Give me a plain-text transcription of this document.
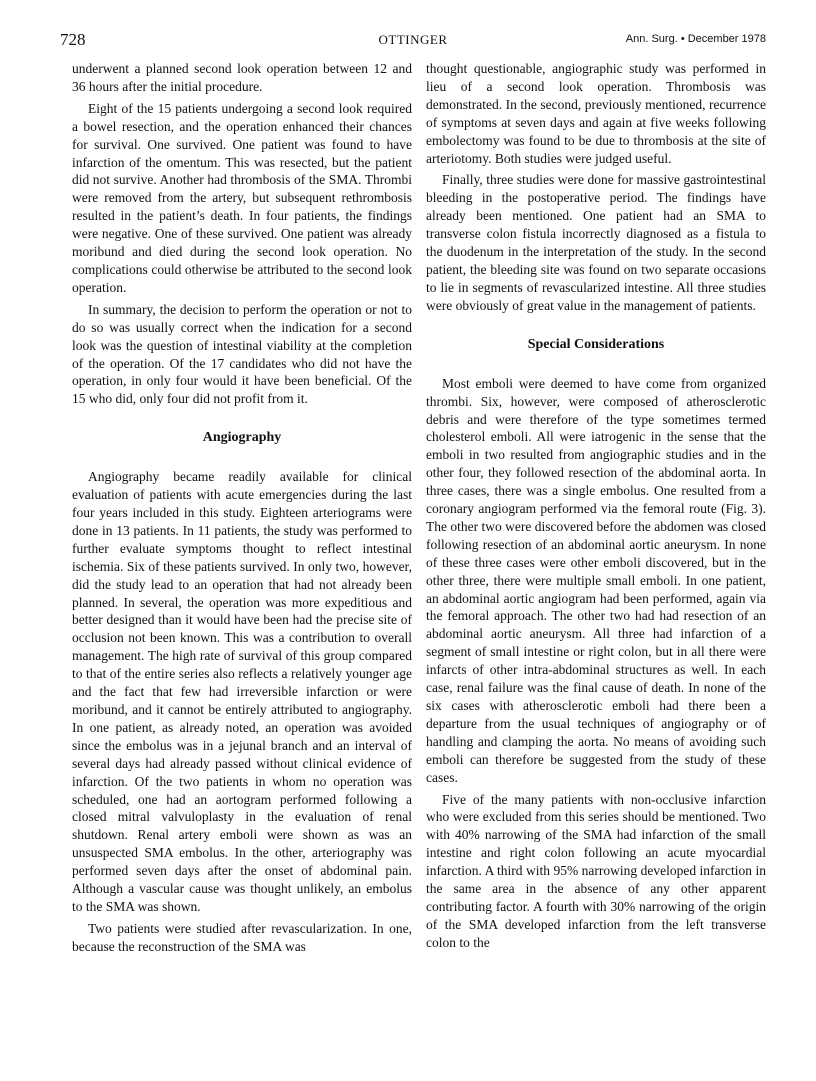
728	OTTINGER	Ann. Surg. • December 1978

underwent a planned second look operation between 12 and 36 hours after the initial procedure.

Eight of the 15 patients undergoing a second look required a bowel resection, and the operation enhanced their chances for survival. One survived. One patient was found to have infarction of the omentum. This was resected, but the patient did not survive. Another had thrombosis of the SMA. Thrombi were removed from the artery, but subsequent rethrombosis resulted in the patient’s death. In four patients, the findings were negative. One of these survived. One patient was already moribund and died during the second look operation. No complications could otherwise be attributed to the second look operation.

In summary, the decision to perform the operation or not to do so was usually correct when the indication for a second look was the question of intestinal viability at the completion of the operation. Of the 17 candidates who did not have the operation, in only four would it have been beneficial. Of the 15 who did, only four did not profit from it.

Angiography

Angiography became readily available for clinical evaluation of patients with acute emergencies during the last four years included in this study. Eighteen arteriograms were done in 13 patients. In 11 patients, the study was performed to further evaluate symptoms thought to reflect intestinal ischemia. Six of these patients survived. In only two, however, did the study lead to an operation that had not already been planned. In several, the operation was more expeditious and better designed than it would have been had the precise site of occlusion not been known. This was a contribution to overall management. The high rate of survival of this group compared to that of the entire series also reflects a relatively younger age and the fact that few had irreversible infarction or were moribund, and it cannot be entirely attributed to angiography. In one patient, as already noted, an operation was avoided since the embolus was in a jejunal branch and an interval of several days had already passed without clinical evidence of infarction. Of the two patients in whom no operation was scheduled, one had an aortogram performed following a closed mitral valvuloplasty in the evaluation of renal shutdown. Renal artery emboli were shown as was an unsuspected SMA embolus. In the other, arteriography was performed seven days after the onset of abdominal pain. Although a vascular cause was thought unlikely, an embolus to the SMA was shown.

Two patients were studied after revascularization. In one, because the reconstruction of the SMA was

thought questionable, angiographic study was performed in lieu of a second look operation. Thrombosis was demonstrated. In the second, previously mentioned, recurrence of symptoms at seven days and again at five weeks following embolectomy was found to be due to thrombosis at the site of arteriotomy. Both studies were judged useful.

Finally, three studies were done for massive gastrointestinal bleeding in the postoperative period. The findings have already been mentioned. One patient had an SMA to transverse colon fistula incorrectly diagnosed as a fistula to the duodenum in the interpretation of the study. In the second patient, the bleeding site was found on two separate occasions to lie in segments of revascularized intestine. All three studies were obviously of great value in the management of patients.

Special Considerations

Most emboli were deemed to have come from organized thrombi. Six, however, were composed of atherosclerotic debris and were therefore of the type sometimes termed cholesterol emboli. All were iatrogenic in the sense that the emboli in two resulted from angiographic studies and in the other four, they followed resection of the abdominal aorta. In three cases, there was a single embolus. One resulted from a coronary angiogram performed via the femoral route (Fig. 3). The other two were discovered before the abdomen was closed following resection of an abdominal aortic aneurysm. In none of these three cases were other emboli discovered, but in the other three, there were multiple small emboli. In one patient, an abdominal aortic angiogram had been performed, again via the femoral approach. The other two had had resection of an abdominal aortic aneurysm. All three had infarction of a segment of small intestine or right colon, but in all there were infarcts of other intra-abdominal structures as well. In each case, renal failure was the final cause of death. In none of the six cases with atherosclerotic emboli had there been a departure from the usual techniques of angiography or of handling and clamping the aorta. No means of avoiding such emboli can therefore be suggested from the study of these cases.

Five of the many patients with non-occlusive infarction who were excluded from this series should be mentioned. Two with 40% narrowing of the SMA had infarction of the small intestine and right colon following an acute myocardial infarction. A third with 95% narrowing developed infarction in the same area in the absence of any other apparent contributing factor. A fourth with 30% narrowing of the origin of the SMA developed infarction from the left transverse colon to the
